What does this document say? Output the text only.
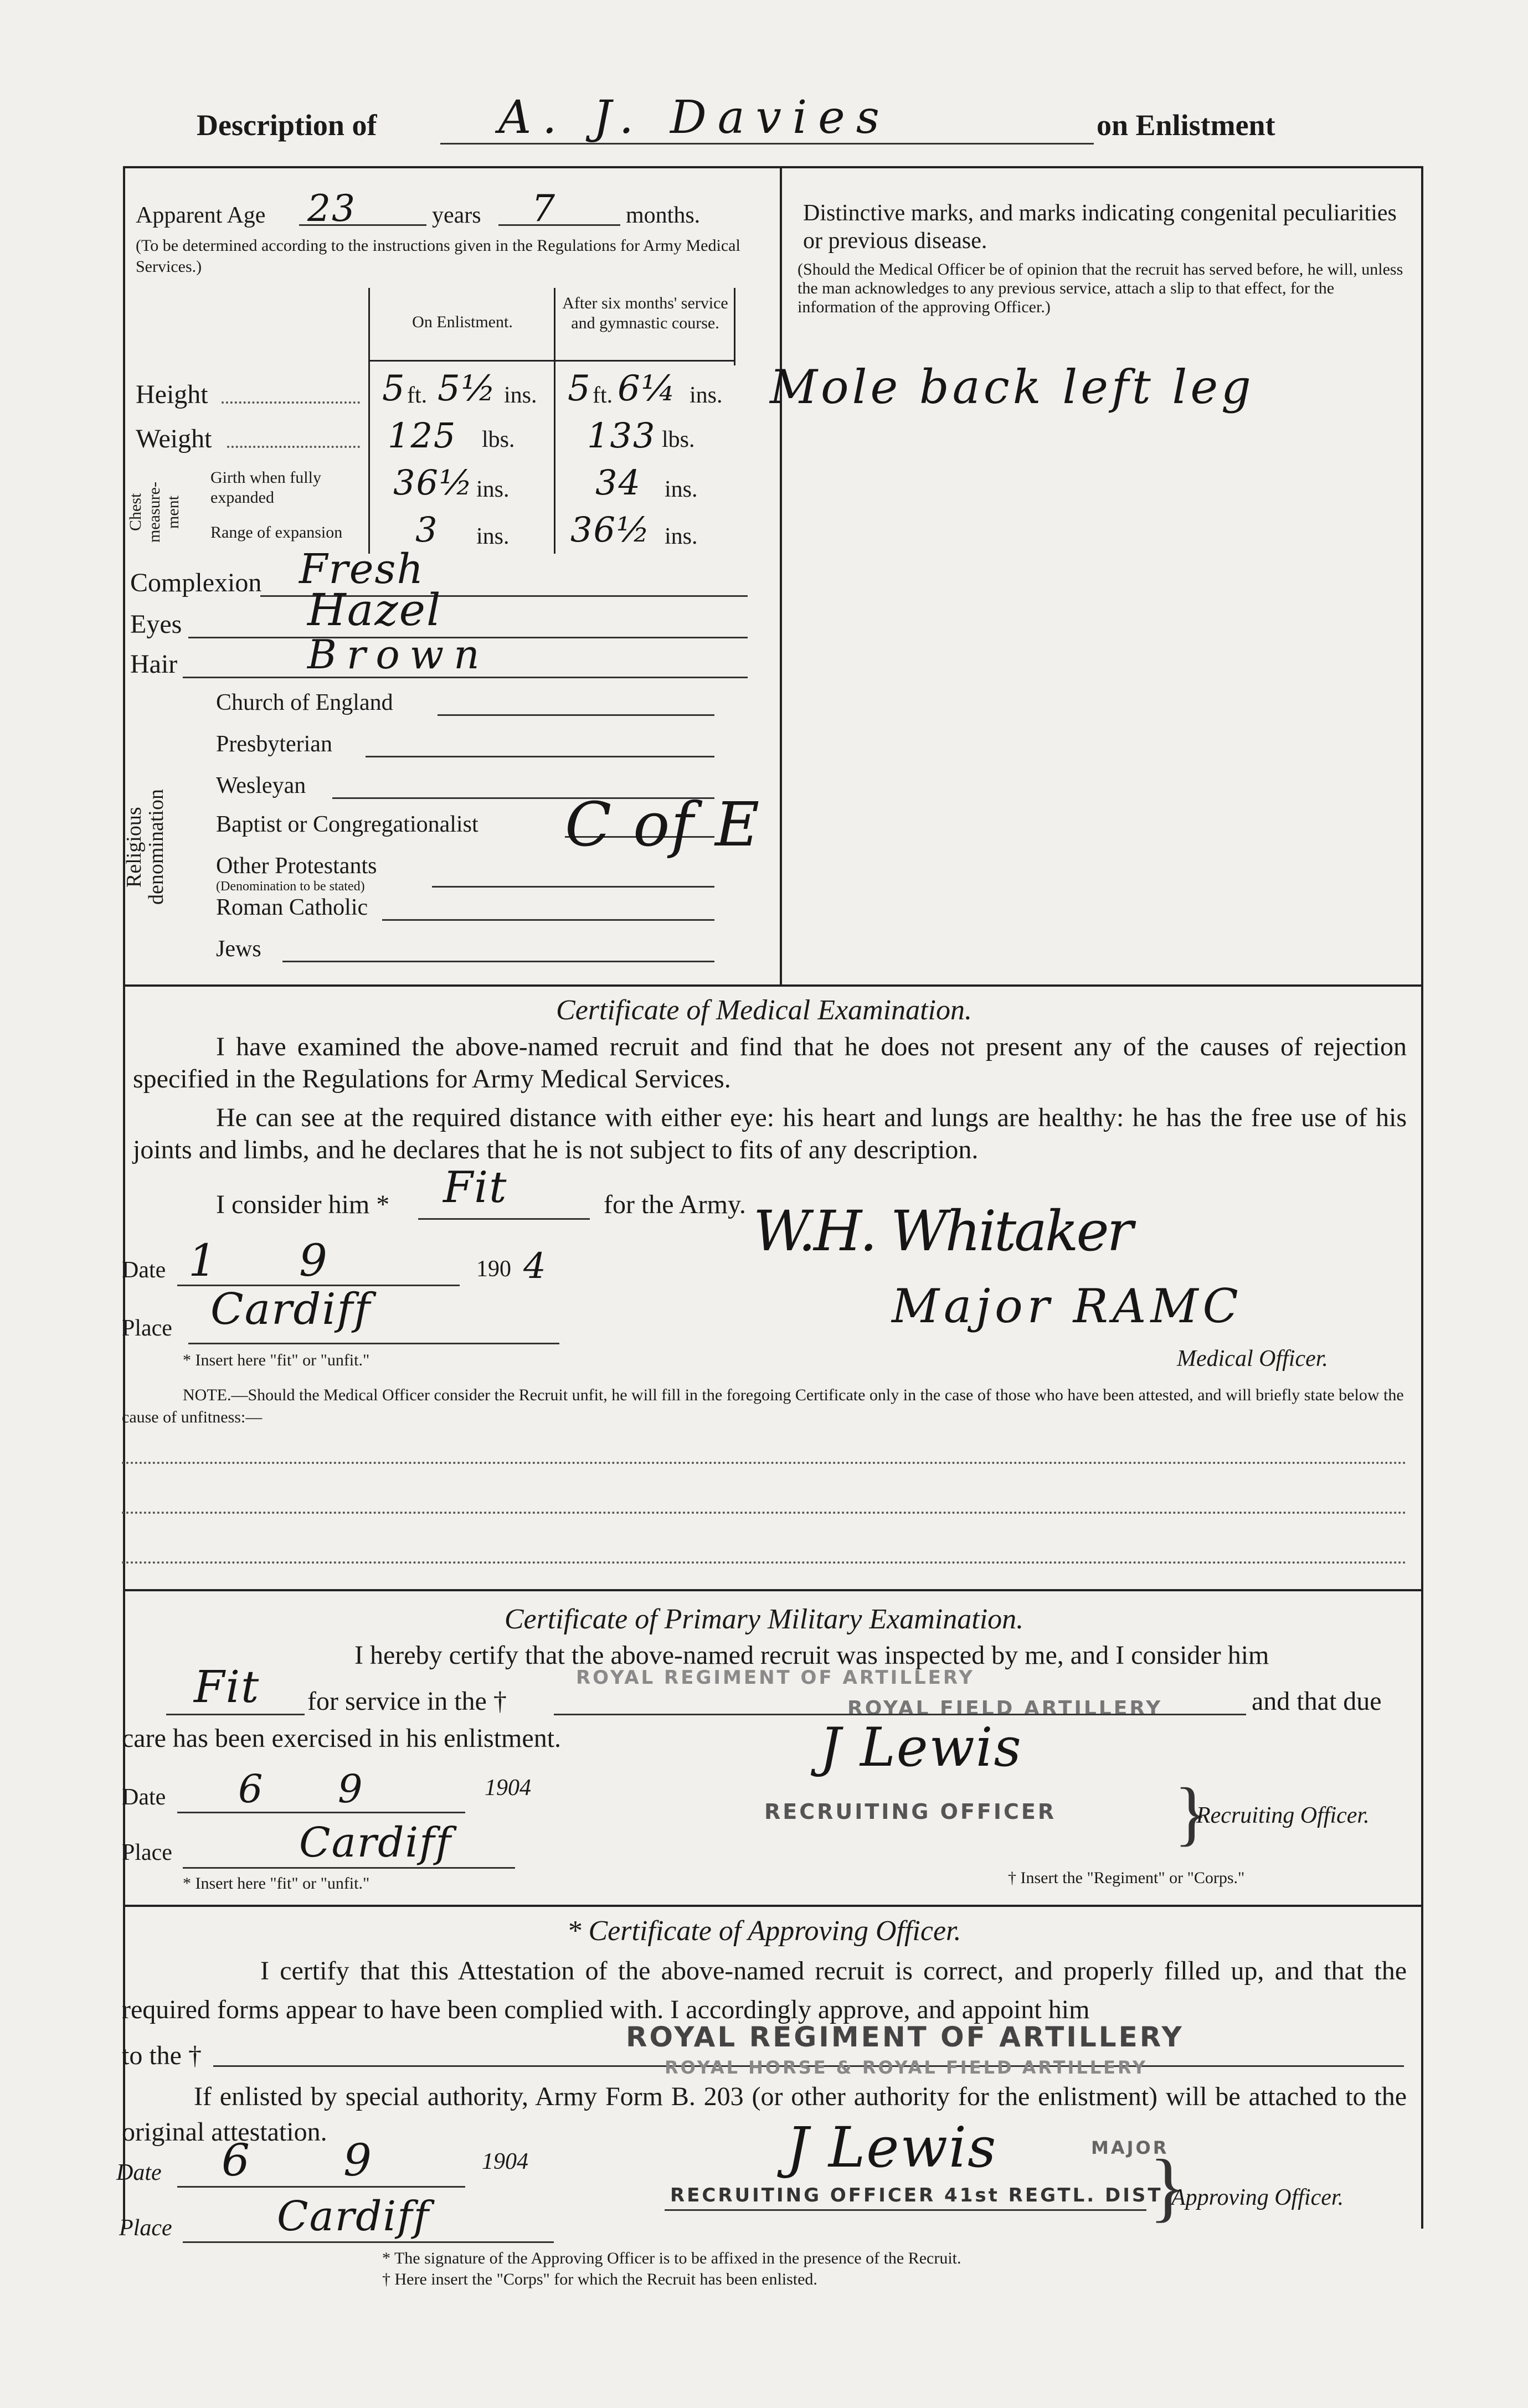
Description of	A. J. Davies	on Enlistment
Apparent Age 23	years 7	months.
(To be determined according to the instructions given in the Regulations for Army Medical Services.)
On Enlistment.
After six months' service and gymnastic course.
Height	5 ft. 5½ ins. 5 ft. 6¼ ins.
Weight	125 lbs. 133 lbs.
Chest measure-ment
Girth when fully expanded	36½ ins.	34 ins.
Range of expansion 3 ins. 36½ ins.
Complexion Fresh
Eyes	Hazel
Hair	Brown
Religious denomination
Church of England
Presbyterian
Wesleyan
Baptist or Congregationalist
Other Protestants
(Denomination to be stated)
Roman Catholic
Jews
C of E
Distinctive marks, and marks indicating congenital peculiarities or previous disease.
(Should the Medical Officer be of opinion that the recruit has served before, he will, unless the man acknowledges to any previous service, attach a slip to that effect, for the information of the approving Officer.)
Mole back left leg
Certificate of Medical Examination.
I have examined the above-named recruit and find that he does not present any of the causes of rejection specified in the Regulations for Army Medical Services.
He can see at the required distance with either eye: his heart and lungs are healthy: he has the free use of his joints and limbs, and he declares that he is not subject to fits of any description.
I consider him * Fit	for the Army.
Date 1 9	190 4
W.H. Whitaker
Place Cardiff	Major RAMC
* Insert here "fit" or "unfit."	Medical Officer.
NOTE.—Should the Medical Officer consider the Recruit unfit, he will fill in the foregoing Certificate only in the case of those who have been attested, and will briefly state below the cause of unfitness:—
Certificate of Primary Military Examination.
I hereby certify that the above-named recruit was inspected by me, and I consider him
Fit for service in the †
ROYAL REGIMENT OF ARTILLERY
ROYAL FIELD ARTILLERY	and that due
care has been exercised in his enlistment.	J Lewis
Date 6 9	1904
RECRUITING OFFICER }
Recruiting Officer.
Place	Cardiff
* Insert here "fit" or "unfit."	† Insert the "Regiment" or "Corps."
* Certificate of Approving Officer.
I certify that this Attestation of the above-named recruit is correct, and properly filled up, and that the required forms appear to have been complied with. I accordingly approve, and appoint him
to the †
ROYAL REGIMENT OF ARTILLERY
ROYAL HORSE & ROYAL FIELD ARTILLERY
If enlisted by special authority, Army Form B. 203 (or other authority for the enlistment) will be attached to the original attestation.
Date 6 9	1904	J Lewis	MAJOR
RECRUITING OFFICER 41st REGTL. DIST
}
Approving Officer.
Place	Cardiff
* The signature of the Approving Officer is to be affixed in the presence of the Recruit.
† Here insert the "Corps" for which the Recruit has been enlisted.
